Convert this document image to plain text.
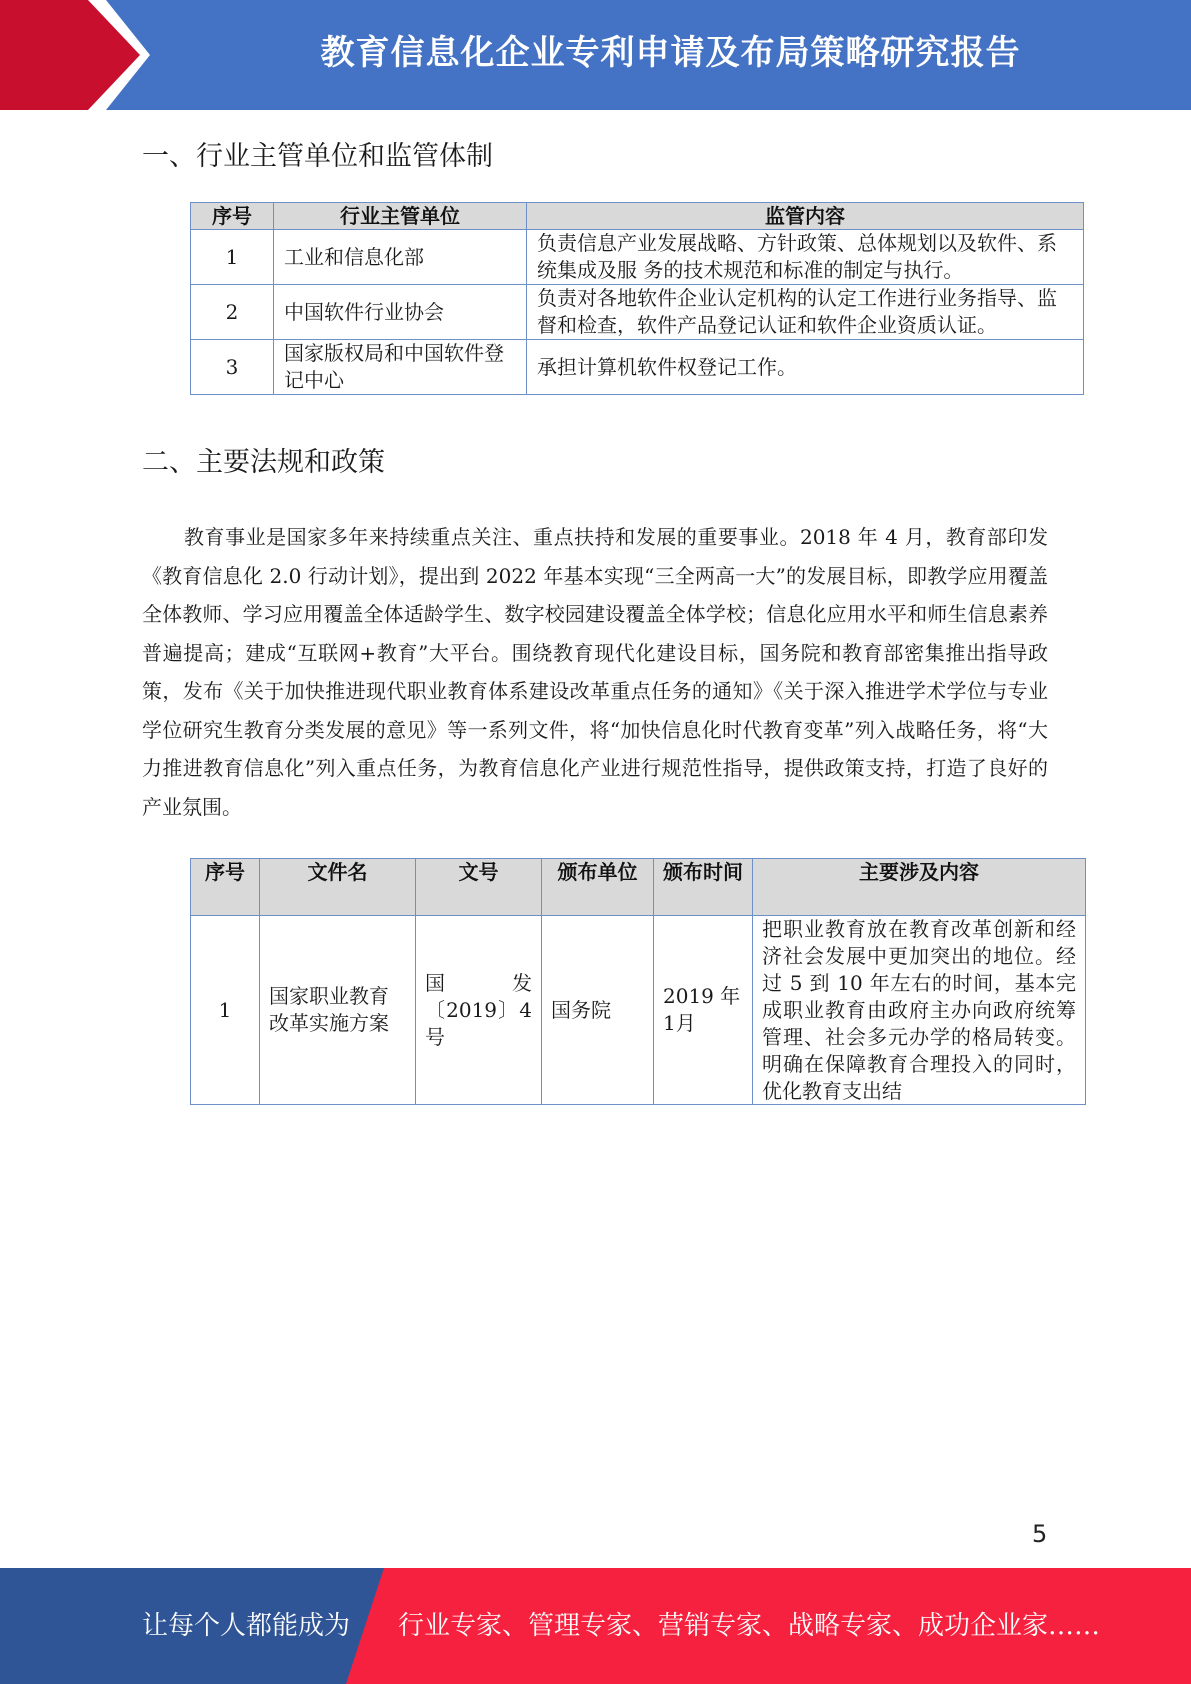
教育信息化企业专利申请及布局策略研究报告
一、行业主管单位和监管体制
序号	行业主管单位	监管内容
1	工业和信息化部	负责信息产业发展战略、方针政策、总体规划以及软件、系统集成及服 务的技术规范和标准的制定与执行。
2	中国软件行业协会	负责对各地软件企业认定机构的认定工作进行业务指导、监督和检查，软件产品登记认证和软件企业资质认证。
3	国家版权局和中国软件登记中心	承担计算机软件权登记工作。
二、主要法规和政策
教育事业是国家多年来持续重点关注、重点扶持和发展的重要事业。2018 年 4 月，教育部印发《教育信息化 2.0 行动计划》，提出到 2022 年基本实现“三全两高一大”的发展目标，即教学应用覆盖全体教师、学习应用覆盖全体适龄学生、数字校园建设覆盖全体学校；信息化应用水平和师生信息素养普遍提高；建成“互联网+教育”大平台。围绕教育现代化建设目标，国务院和教育部密集推出指导政策，发布《关于加快推进现代职业教育体系建设改革重点任务的通知》《关于深入推进学术学位与专业学位研究生教育分类发展的意见》等一系列文件，将“加快信息化时代教育变革”列入战略任务，将“大力推进教育信息化”列入重点任务，为教育信息化产业进行规范性指导，提供政策支持，打造了良好的产业氛围。
序号	文件名	文号	颁布单位	颁布时间	主要涉及内容
1	国家职业教育改革实施方案	国 发〔2019〕4 号	国务院	2019 年 1月	把职业教育放在教育改革创新和经济社会发展中更加突出的地位。经过 5 到 10 年左右的时间，基本完成职业教育由政府主办向政府统筹管理、社会多元办学的格局转变。明确在保障教育合理投入的同时，优化教育支出结
5
让每个人都能成为 行业专家、管理专家、营销专家、战略专家、成功企业家……
